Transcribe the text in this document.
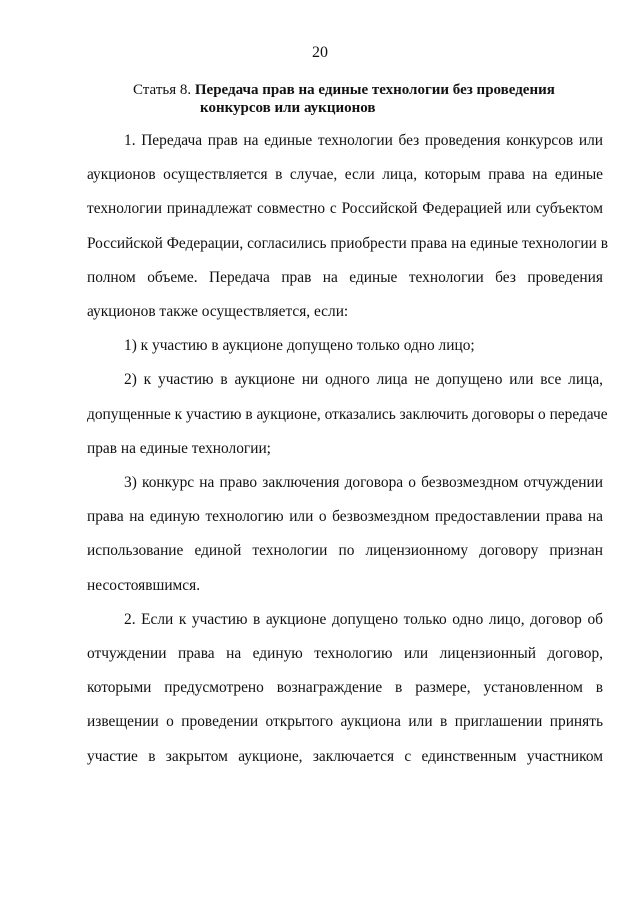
20
Статья 8. Передача прав на единые технологии без проведения
конкурсов или аукционов
1. Передача прав на единые технологии без проведения конкурсов или
аукционов осуществляется в случае, если лица, которым права на единые
технологии принадлежат совместно с Российской Федерацией или субъектом
Российской Федерации, согласились приобрести права на единые технологии в
полном объеме. Передача прав на единые технологии без проведения
аукционов также осуществляется, если:
1) к участию в аукционе допущено только одно лицо;
2) к участию в аукционе ни одного лица не допущено или все лица,
допущенные к участию в аукционе, отказались заключить договоры о передаче
прав на единые технологии;
3) конкурс на право заключения договора о безвозмездном отчуждении
права на единую технологию или о безвозмездном предоставлении права на
использование единой технологии по лицензионному договору признан
несостоявшимся.
2. Если к участию в аукционе допущено только одно лицо, договор об
отчуждении права на единую технологию или лицензионный договор,
которыми предусмотрено вознаграждение в размере, установленном в
извещении о проведении открытого аукциона или в приглашении принять
участие в закрытом аукционе, заключается с единственным участником
